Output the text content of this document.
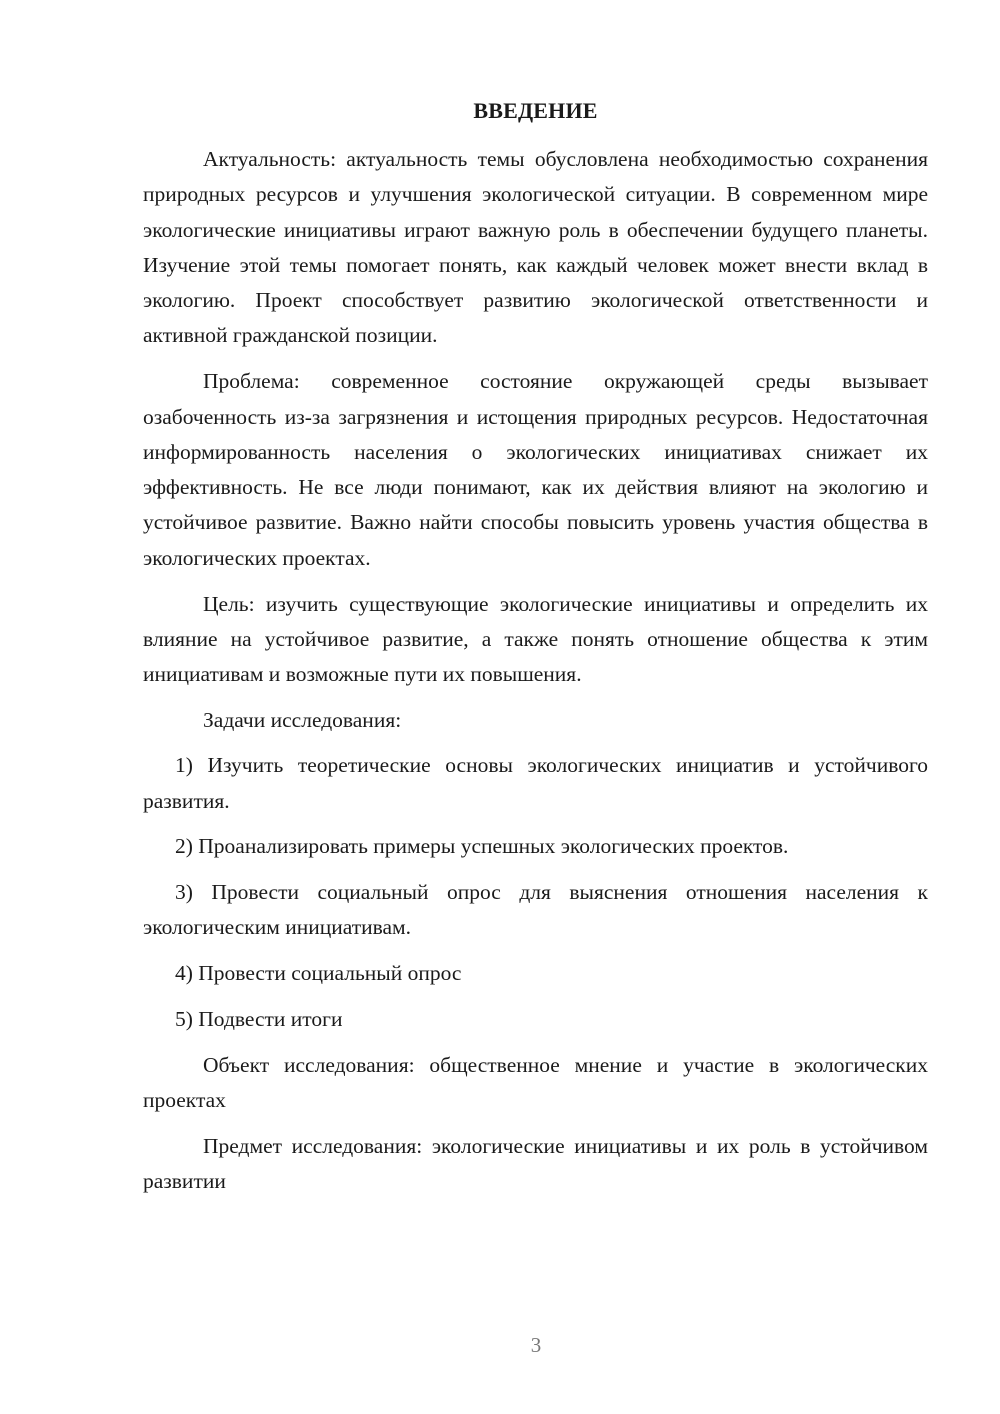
ВВЕДЕНИЕ

Актуальность: актуальность темы обусловлена необходимостью сохранения природных ресурсов и улучшения экологической ситуации. В современном мире экологические инициативы играют важную роль в обеспечении будущего планеты. Изучение этой темы помогает понять, как каждый человек может внести вклад в экологию. Проект способствует развитию экологической ответственности и активной гражданской позиции.

Проблема: современное состояние окружающей среды вызывает озабоченность из-за загрязнения и истощения природных ресурсов. Недостаточная информированность населения о экологических инициативах снижает их эффективность. Не все люди понимают, как их действия влияют на экологию и устойчивое развитие. Важно найти способы повысить уровень участия общества в экологических проектах.

Цель: изучить существующие экологические инициативы и определить их влияние на устойчивое развитие, а также понять отношение общества к этим инициативам и возможные пути их повышения.

Задачи исследования:

1) Изучить теоретические основы экологических инициатив и устойчивого развития.

2) Проанализировать примеры успешных экологических проектов.

3) Провести социальный опрос для выяснения отношения населения к экологическим инициативам.

4) Провести социальный опрос

5) Подвести итоги

Объект исследования: общественное мнение и участие в экологических проектах

Предмет исследования: экологические инициативы и их роль в устойчивом развитии

3
